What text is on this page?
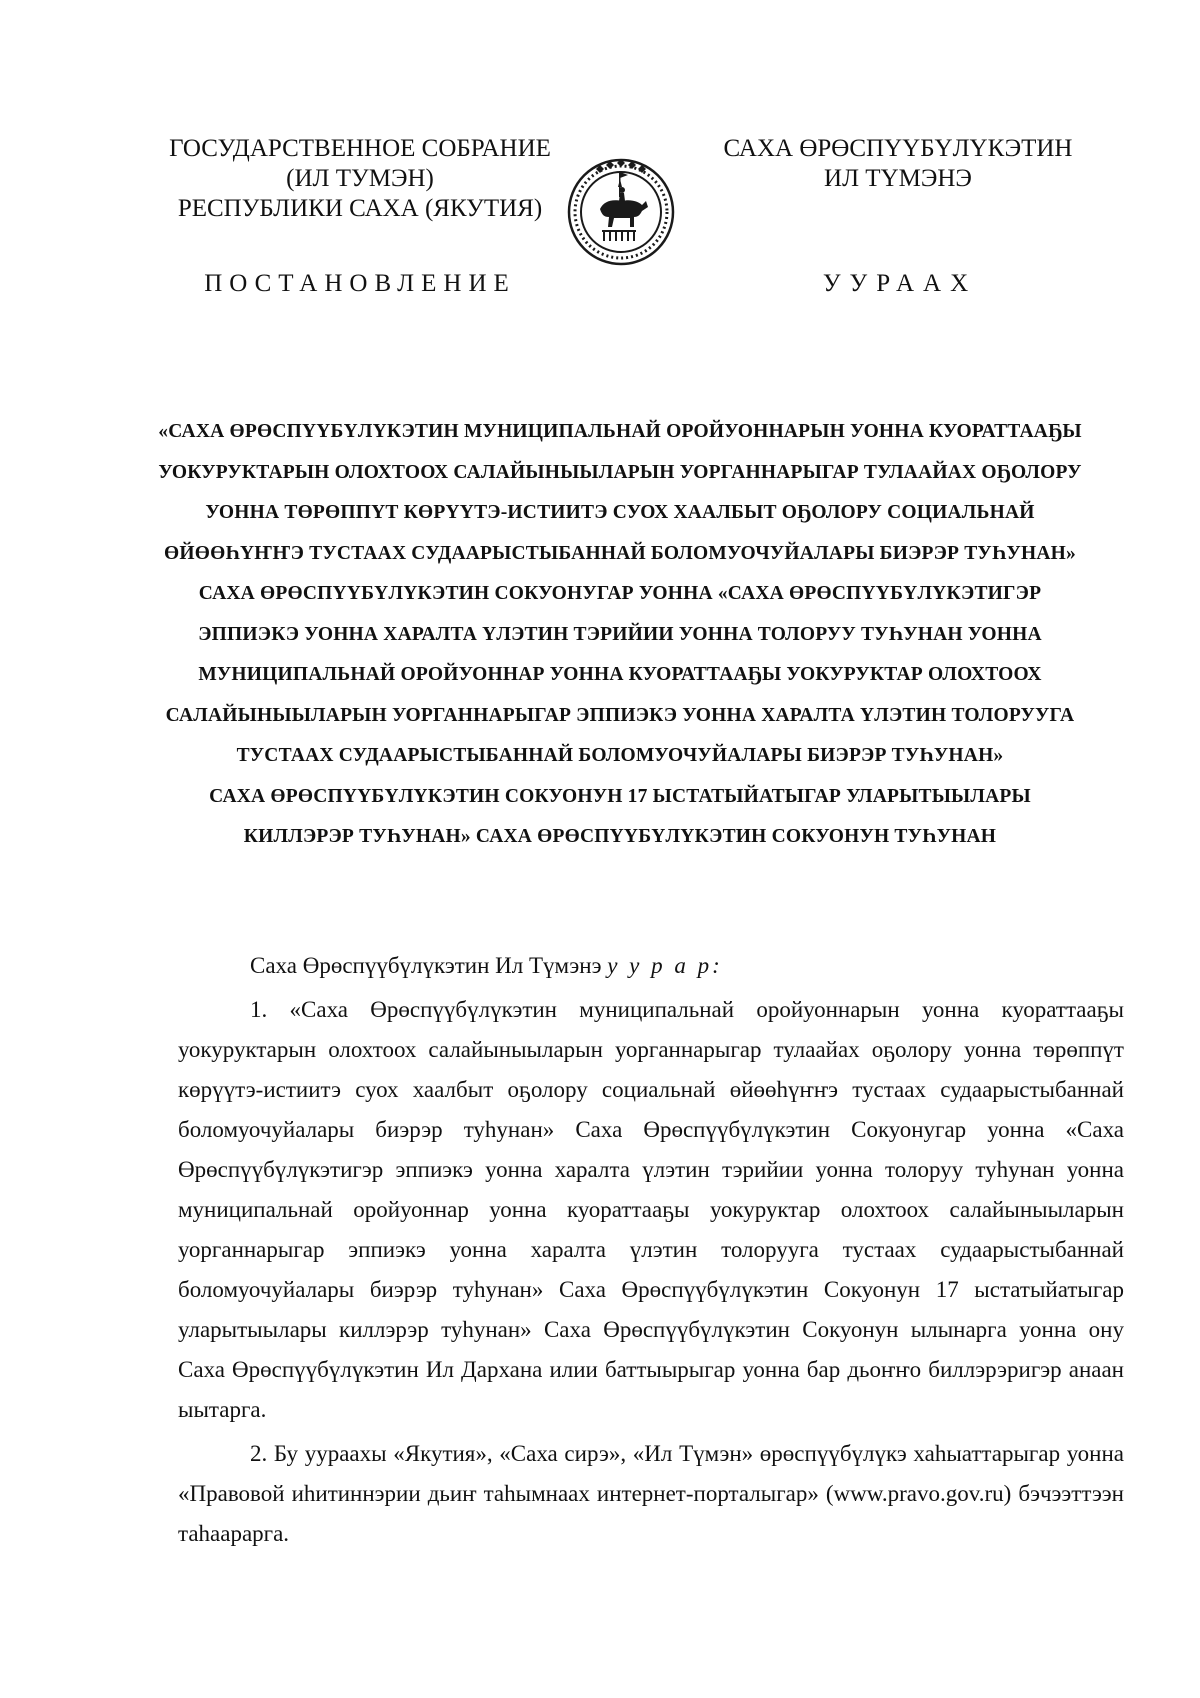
ГОСУДАРСТВЕННОЕ СОБРАНИЕ
(ИЛ ТУМЭН)
РЕСПУБЛИКИ САХА (ЯКУТИЯ)
САХА ӨРӨСПҮҮБҮЛҮКЭТИН
ИЛ ТҮМЭНЭ
ПОСТАНОВЛЕНИЕ	УУРААХ
«САХА ӨРӨСПҮҮБҮЛҮКЭТИН МУНИЦИПАЛЬНАЙ ОРОЙУОННАРЫН УОННА КУОРАТТААҔЫ
УОКУРУКТАРЫН ОЛОХТООХ САЛАЙЫНЫЫЛАРЫН УОРГАННАРЫГАР ТУЛААЙАХ ОҔОЛОРУ
УОННА ТӨРӨППҮТ КӨРҮҮТЭ-ИСТИИТЭ СУОХ ХААЛБЫТ ОҔОЛОРУ СОЦИАЛЬНАЙ
ӨЙӨӨҺҮҤҤЭ ТУСТААХ СУДААРЫСТЫБАННАЙ БОЛОМУОЧУЙАЛАРЫ БИЭРЭР ТУҺУНАН»
САХА ӨРӨСПҮҮБҮЛҮКЭТИН СОКУОНУГАР УОННА «САХА ӨРӨСПҮҮБҮЛҮКЭТИГЭР
ЭППИЭКЭ УОННА ХАРАЛТА ҮЛЭТИН ТЭРИЙИИ УОННА ТОЛОРУУ ТУҺУНАН УОННА
МУНИЦИПАЛЬНАЙ ОРОЙУОННАР УОННА КУОРАТТААҔЫ УОКУРУКТАР ОЛОХТООХ
САЛАЙЫНЫЫЛАРЫН УОРГАННАРЫГАР ЭППИЭКЭ УОННА ХАРАЛТА ҮЛЭТИН ТОЛОРУУГА
ТУСТААХ СУДААРЫСТЫБАННАЙ БОЛОМУОЧУЙАЛАРЫ БИЭРЭР ТУҺУНАН»
САХА ӨРӨСПҮҮБҮЛҮКЭТИН СОКУОНУН 17 ЫСТАТЫЙАТЫГАР УЛАРЫТЫЫЛАРЫ
КИЛЛЭРЭР ТУҺУНАН» САХА ӨРӨСПҮҮБҮЛҮКЭТИН СОКУОНУН ТУҺУНАН

Саха Өрөспүүбүлүкэтин Ил Түмэнэ у у р а р:

1. «Саха Өрөспүүбүлүкэтин муниципальнай оройуоннарын уонна куораттааҕы уокуруктарын олохтоох салайыныыларын уорганнарыгар тулаайах оҕолору уонна төрөппүт көрүүтэ-истиитэ суох хаалбыт оҕолору социальнай өйөөһүҥҥэ тустаах судаарыстыбаннай боломуочуйалары биэрэр туһунан» Саха Өрөспүүбүлүкэтин Сокуонугар уонна «Саха Өрөспүүбүлүкэтигэр эппиэкэ уонна харалта үлэтин тэрийии уонна толоруу туһунан уонна муниципальнай оройуоннар уонна куораттааҕы уокуруктар олохтоох салайыныыларын уорганнарыгар эппиэкэ уонна харалта үлэтин толорууга тустаах судаарыстыбаннай боломуочуйалары биэрэр туһунан» Саха Өрөспүүбүлүкэтин Сокуонун 17 ыстатыйатыгар уларытыылары киллэрэр туһунан» Саха Өрөспүүбүлүкэтин Сокуонун ылынарга уонна ону Саха Өрөспүүбүлүкэтин Ил Дархана илии баттыырыгар уонна бар дьоҥҥо биллэрэригэр анаан ыытарга.

2. Бу уураахы «Якутия», «Саха сирэ», «Ил Түмэн» өрөспүүбүлүкэ хаһыаттарыгар уонна «Правовой иһитиннэрии дьиҥ таһымнаах интернет-порталыгар» (www.pravo.gov.ru) бэчээттээн таһаарарга.
